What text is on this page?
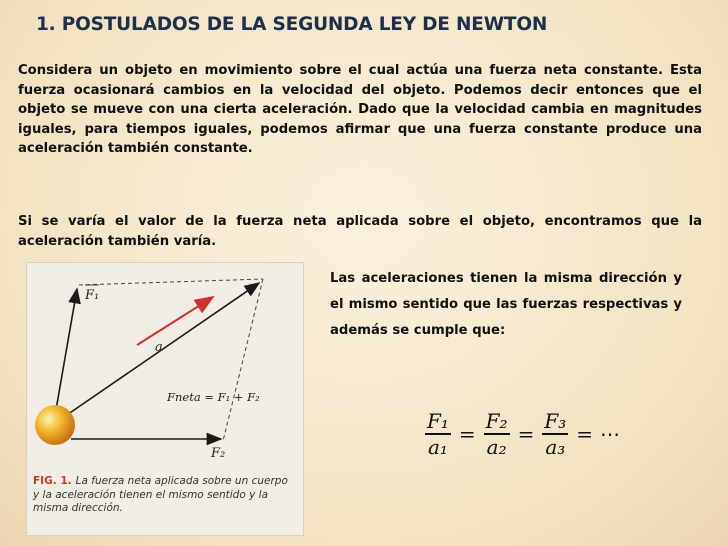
1. POSTULADOS DE LA SEGUNDA LEY DE NEWTON
Considera un objeto en movimiento sobre el cual actúa una fuerza neta constante. Esta fuerza ocasionará cambios en la velocidad del objeto. Podemos decir entonces que el objeto se mueve con una cierta aceleración. Dado que la velocidad cambia en magnitudes iguales, para tiempos iguales, podemos afirmar que una fuerza constante produce una aceleración también constante.
Si se varía el valor de la fuerza neta aplicada sobre el objeto, encontramos que la aceleración también varía.
F₁
a
Fneta = F₁ + F₂
F₂
FIG. 1. La fuerza neta aplicada sobre un cuerpo y la aceleración tienen el mismo sentido y la misma dirección.
Las aceleraciones tienen la misma dirección y el mismo sentido que las fuerzas respectivas y además se cumple que:
$\frac{\text{F₁}}{\text{a₁}} = \frac{\text{F₂}}{\text{a₂}} = \frac{\text{F₃}}{\text{a₃}}$ = ⋯
